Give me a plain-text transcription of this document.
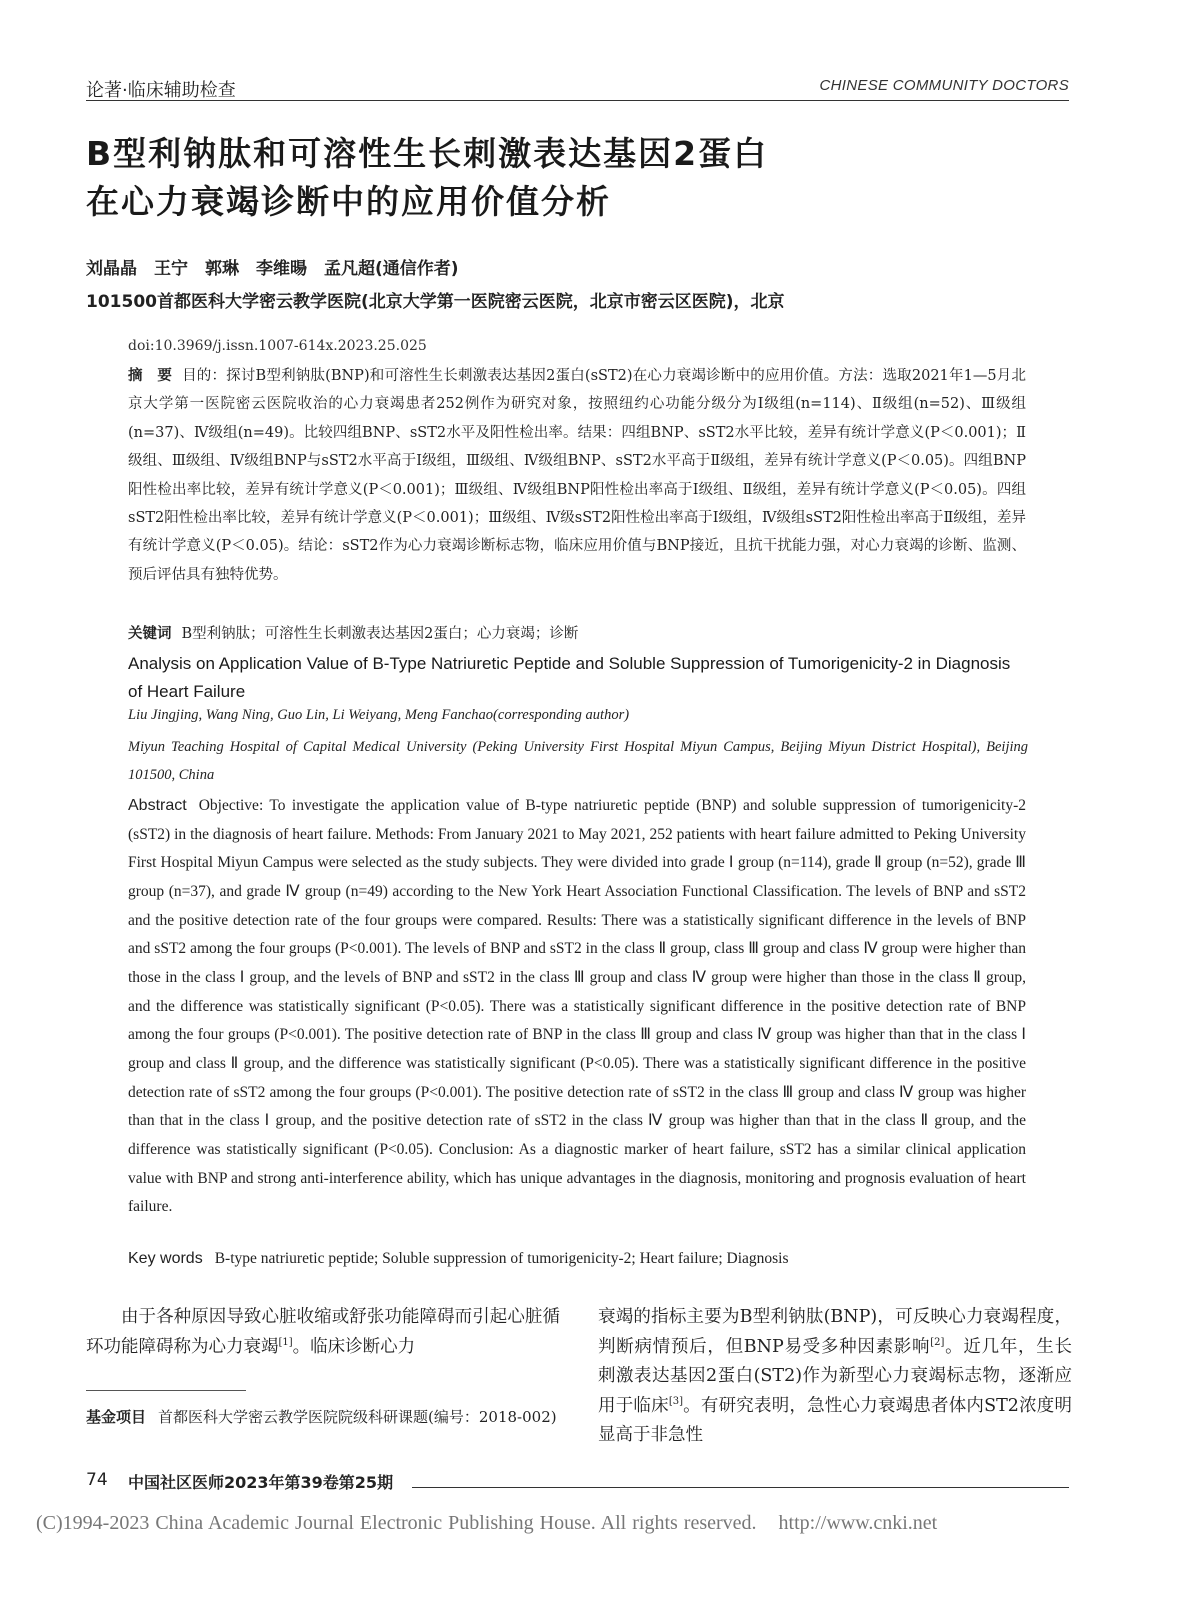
论著·临床辅助检查	CHINESE COMMUNITY DOCTORS
B型利钠肽和可溶性生长刺激表达基因2蛋白
在心力衰竭诊断中的应用价值分析
刘晶晶　王宁　郭琳　李维暘　孟凡超(通信作者)
101500首都医科大学密云教学医院(北京大学第一医院密云医院，北京市密云区医院)，北京
doi:10.3969/j.issn.1007-614x.2023.25.025
摘　要 目的：探讨B型利钠肽(BNP)和可溶性生长刺激表达基因2蛋白(sST2)在心力衰竭诊断中的应用价值。方法：选取2021年1—5月北京大学第一医院密云医院收治的心力衰竭患者252例作为研究对象，按照纽约心功能分级分为Ⅰ级组(n=114)、Ⅱ级组(n=52)、Ⅲ级组(n=37)、Ⅳ级组(n=49)。比较四组BNP、sST2水平及阳性检出率。结果：四组BNP、sST2水平比较，差异有统计学意义(P＜0.001)；Ⅱ级组、Ⅲ级组、Ⅳ级组BNP与sST2水平高于Ⅰ级组，Ⅲ级组、Ⅳ级组BNP、sST2水平高于Ⅱ级组，差异有统计学意义(P＜0.05)。四组BNP阳性检出率比较，差异有统计学意义(P＜0.001)；Ⅲ级组、Ⅳ级组BNP阳性检出率高于Ⅰ级组、Ⅱ级组，差异有统计学意义(P＜0.05)。四组sST2阳性检出率比较，差异有统计学意义(P＜0.001)；Ⅲ级组、Ⅳ级sST2阳性检出率高于Ⅰ级组，Ⅳ级组sST2阳性检出率高于Ⅱ级组，差异有统计学意义(P＜0.05)。结论：sST2作为心力衰竭诊断标志物，临床应用价值与BNP接近，且抗干扰能力强，对心力衰竭的诊断、监测、预后评估具有独特优势。
关键词 B型利钠肽；可溶性生长刺激表达基因2蛋白；心力衰竭；诊断
Analysis on Application Value of B-Type Natriuretic Peptide and Soluble Suppression of Tumorigenicity-2 in Diagnosis of Heart Failure
Liu Jingjing, Wang Ning, Guo Lin, Li Weiyang, Meng Fanchao(corresponding author)
Miyun Teaching Hospital of Capital Medical University (Peking University First Hospital Miyun Campus, Beijing Miyun District Hospital), Beijing 101500, China
Abstract Objective: To investigate the application value of B-type natriuretic peptide (BNP) and soluble suppression of tumorigenicity-2 (sST2) in the diagnosis of heart failure. Methods: From January 2021 to May 2021, 252 patients with heart failure admitted to Peking University First Hospital Miyun Campus were selected as the study subjects. They were divided into grade Ⅰ group (n=114), grade Ⅱ group (n=52), grade Ⅲ group (n=37), and grade Ⅳ group (n=49) according to the New York Heart Association Functional Classification. The levels of BNP and sST2 and the positive detection rate of the four groups were compared. Results: There was a statistically significant difference in the levels of BNP and sST2 among the four groups (P<0.001). The levels of BNP and sST2 in the class Ⅱ group, class Ⅲ group and class Ⅳ group were higher than those in the class Ⅰ group, and the levels of BNP and sST2 in the class Ⅲ group and class Ⅳ group were higher than those in the class Ⅱ group, and the difference was statistically significant (P<0.05). There was a statistically significant difference in the positive detection rate of BNP among the four groups (P<0.001). The positive detection rate of BNP in the class Ⅲ group and class Ⅳ group was higher than that in the class Ⅰ group and class Ⅱ group, and the difference was statistically significant (P<0.05). There was a statistically significant difference in the positive detection rate of sST2 among the four groups (P<0.001). The positive detection rate of sST2 in the class Ⅲ group and class Ⅳ group was higher than that in the class Ⅰ group, and the positive detection rate of sST2 in the class Ⅳ group was higher than that in the class Ⅱ group, and the difference was statistically significant (P<0.05). Conclusion: As a diagnostic marker of heart failure, sST2 has a similar clinical application value with BNP and strong anti-interference ability, which has unique advantages in the diagnosis, monitoring and prognosis evaluation of heart failure.
Key words B-type natriuretic peptide; Soluble suppression of tumorigenicity-2; Heart failure; Diagnosis
由于各种原因导致心脏收缩或舒张功能障碍而引起心脏循环功能障碍称为心力衰竭[1]。临床诊断心力
基金项目 首都医科大学密云教学医院院级科研课题(编号：2018-002)
衰竭的指标主要为B型利钠肽(BNP)，可反映心力衰竭程度，判断病情预后，但BNP易受多种因素影响[2]。近几年，生长刺激表达基因2蛋白(ST2)作为新型心力衰竭标志物，逐渐应用于临床[3]。有研究表明，急性心力衰竭患者体内ST2浓度明显高于非急性
74 中国社区医师2023年第39卷第25期
(C)1994-2023 China Academic Journal Electronic Publishing House. All rights reserved. http://www.cnki.net
